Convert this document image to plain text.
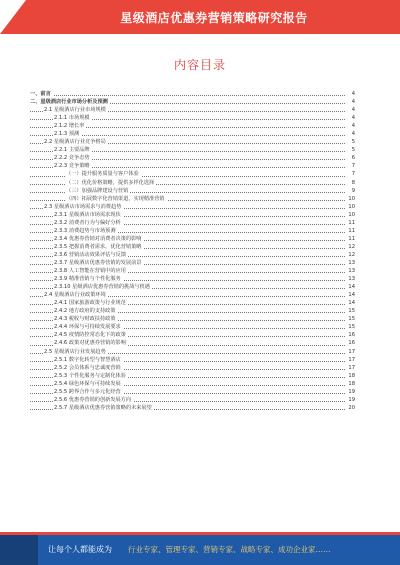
星级酒店优惠券营销策略研究报告
内容目录
一、前言	4
二、星级酒店行业市场分析及预测	4
2.1 星级酒店行业市场规模	4
2.1.1 市场规模	4
2.1.2 增长率	4
2.1.3 预测	4
2.2 星级酒店行业竞争格局	5
2.2.1 主要品牌	5
2.2.2 竞争态势	6
2.2.3 竞争策略	7
（一）提升服务质量与客户体验	7
（二）优化价格策略，提供多样化选择	8
（三）加强品牌建设与营销	9
（四）拓展数字化营销渠道，实现精准营销	10
2.3 星级酒店市场需求与消费趋势	10
2.3.1 星级酒店市场需求现状	10
2.3.2 消费者行为与偏好分析	11
2.3.3 消费趋势与市场预测	11
2.3.4 优惠券营销对消费者决策的影响	11
2.3.5 把握消费者需求，优化营销策略	12
2.3.6 营销活动效果评估与反馈	12
2.3.7 星级酒店优惠券营销的发展前景	13
2.3.8 人工智能在营销中的应用	13
2.3.9 精准营销与个性化服务	13
2.3.10 星级酒店优惠券营销的挑战与机遇	14
2.4 星级酒店行业政策环境	14
2.4.1 国家旅游政策与行业规范	14
2.4.2 地方政府的支持政策	15
2.4.3 税收与财政扶持政策	15
2.4.4 环保与可持续发展要求	15
2.4.5 疫情防控常态化下的政策	16
2.4.6 政策对优惠券营销的影响	16
2.5 星级酒店行业发展趋势	17
2.5.1 数字化转型与智慧酒店	17
2.5.2 会员体系与忠诚度营销	17
2.5.3 个性化服务与定制化体验	18
2.5.4 绿色环保与可持续发展	18
2.5.5 跨界合作与多元化经营	19
2.5.6 优惠券营销的创新发展方向	19
2.5.7 星级酒店优惠券营销策略的未来展望	20
让每个人都能成为 行业专家、管理专家、营销专家、战略专家、成功企业家……
